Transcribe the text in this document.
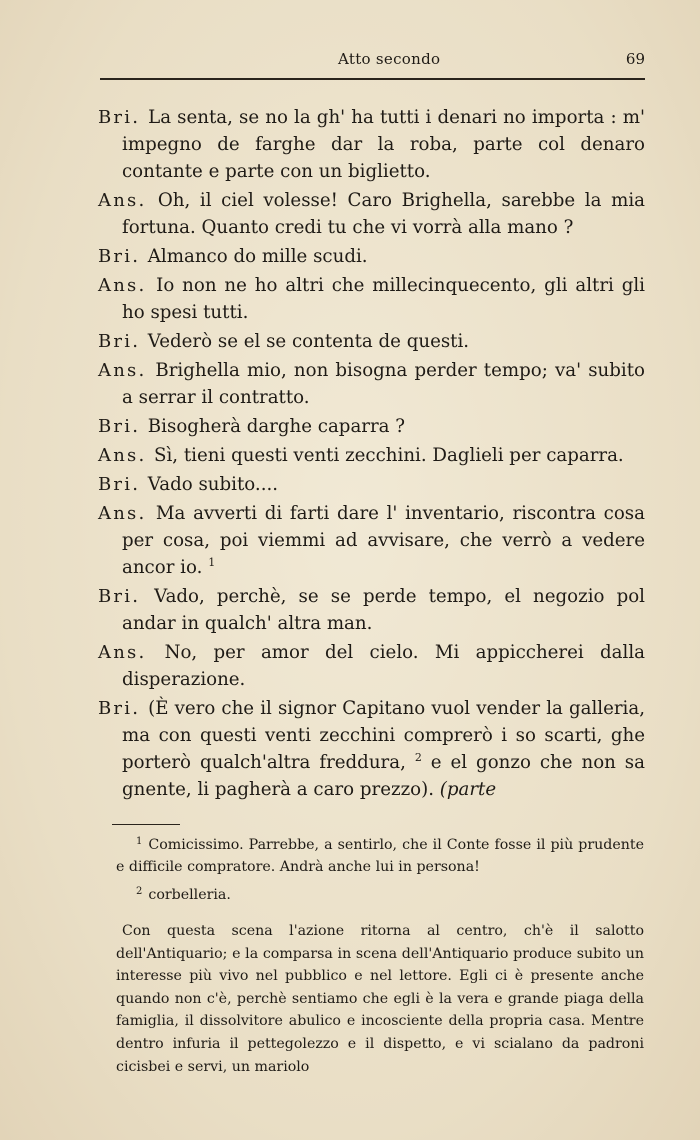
Atto secondo	69

Bri. La senta, se no la gh' ha tutti i denari no importa : m' impegno de farghe dar la roba, parte col denaro contante e parte con un biglietto.

Ans. Oh, il ciel volesse! Caro Brighella, sarebbe la mia fortuna. Quanto credi tu che vi vorrà alla mano ?

Bri. Almanco do mille scudi.

Ans. Io non ne ho altri che millecinquecento, gli altri gli ho spesi tutti.

Bri. Vederò se el se contenta de questi.

Ans. Brighella mio, non bisogna perder tempo; va' subito a serrar il contratto.

Bri. Bisogherà darghe caparra ?

Ans. Sì, tieni questi venti zecchini. Daglieli per caparra.

Bri. Vado subito....

Ans. Ma avverti di farti dare l' inventario, riscontra cosa per cosa, poi viemmi ad avvisare, che verrò a vedere ancor io. $^1$

Bri. Vado, perchè, se se perde tempo, el negozio pol andar in qualch' altra man.

Ans. No, per amor del cielo. Mi appiccherei dalla disperazione.

Bri. (È vero che il signor Capitano vuol vender la galleria, ma con questi venti zecchini comprerò i so scarti, ghe porterò qualch'altra freddura, $^2$ e el gonzo che non sa gnente, li pagherà a caro prezzo). (parte

$^1$ Comicissimo. Parrebbe, a sentirlo, che il Conte fosse il più prudente e difficile compratore. Andrà anche lui in persona!

$^2$ corbelleria.

Con questa scena l'azione ritorna al centro, ch'è il salotto dell'Antiquario; e la comparsa in scena dell'Antiquario produce subito un interesse più vivo nel pubblico e nel lettore. Egli ci è presente anche quando non c'è, perchè sentiamo che egli è la vera e grande piaga della famiglia, il dissolvitore abulico e incosciente della propria casa. Mentre dentro infuria il pettegolezzo e il dispetto, e vi scialano da padroni cicisbei e servi, un mariolo
